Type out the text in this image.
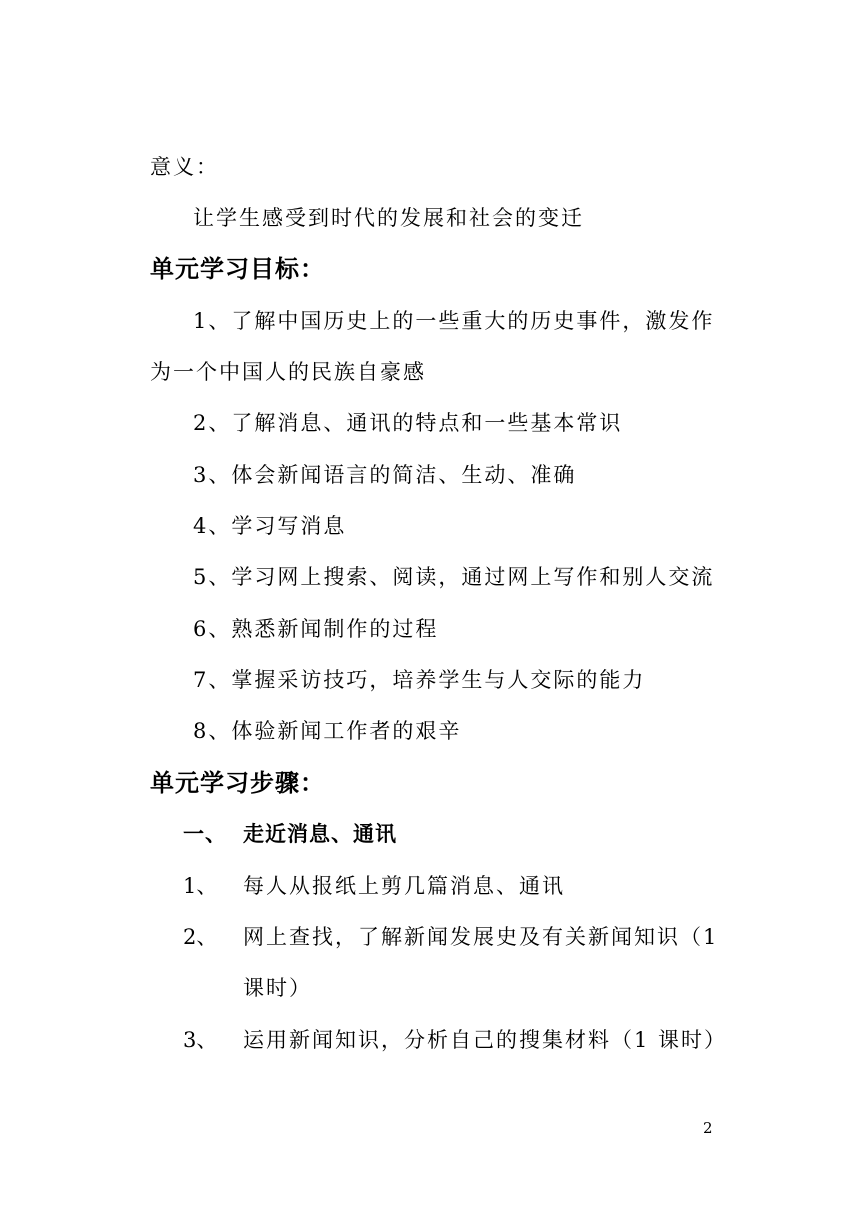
意义：
让学生感受到时代的发展和社会的变迁
单元学习目标：
1、了解中国历史上的一些重大的历史事件，激发作
为一个中国人的民族自豪感
2、了解消息、通讯的特点和一些基本常识
3、体会新闻语言的简洁、生动、准确
4、学习写消息
5、学习网上搜索、阅读，通过网上写作和别人交流
6、熟悉新闻制作的过程
7、掌握采访技巧，培养学生与人交际的能力
8、体验新闻工作者的艰辛
单元学习步骤：
一、 走近消息、通讯
1、 每人从报纸上剪几篇消息、通讯
2、 网上查找，了解新闻发展史及有关新闻知识（1
课时）
3、 运用新闻知识，分析自己的搜集材料（1 课时）
2
